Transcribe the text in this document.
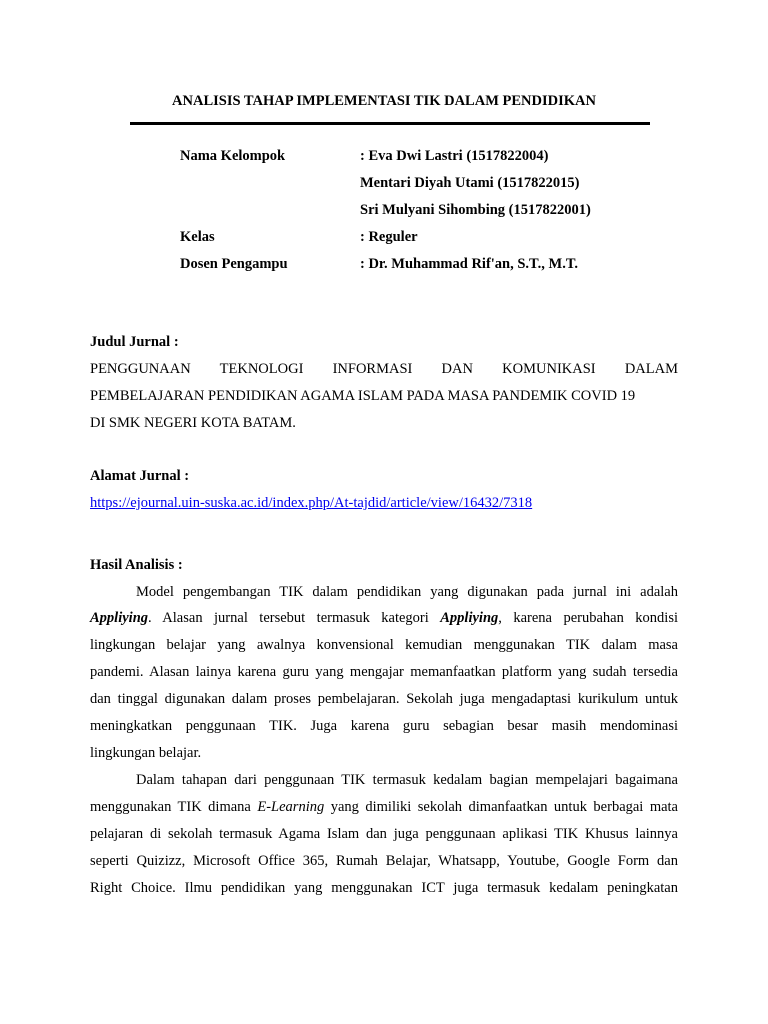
ANALISIS TAHAP IMPLEMENTASI TIK DALAM PENDIDIKAN
Nama Kelompok	: Eva Dwi Lastri (1517822004)
Mentari Diyah Utami (1517822015)
Sri Mulyani Sihombing (1517822001)
Kelas	: Reguler
Dosen Pengampu	: Dr. Muhammad Rif'an, S.T., M.T.
Judul Jurnal :
PENGGUNAAN TEKNOLOGI INFORMASI DAN KOMUNIKASI DALAM
PEMBELAJARAN PENDIDIKAN AGAMA ISLAM PADA MASA PANDEMIK COVID 19
DI SMK NEGERI KOTA BATAM.
Alamat Jurnal :
https://ejournal.uin-suska.ac.id/index.php/At-tajdid/article/view/16432/7318
Hasil Analisis :
Model pengembangan TIK dalam pendidikan yang digunakan pada jurnal ini adalah
Appliying. Alasan jurnal tersebut termasuk kategori Appliying, karena perubahan kondisi
lingkungan belajar yang awalnya konvensional kemudian menggunakan TIK dalam masa
pandemi. Alasan lainya karena guru yang mengajar memanfaatkan platform yang sudah tersedia
dan tinggal digunakan dalam proses pembelajaran. Sekolah juga mengadaptasi kurikulum untuk
meningkatkan penggunaan TIK. Juga karena guru sebagian besar masih mendominasi
lingkungan belajar.
Dalam tahapan dari penggunaan TIK termasuk kedalam bagian mempelajari bagaimana
menggunakan TIK dimana E-Learning yang dimiliki sekolah dimanfaatkan untuk berbagai mata
pelajaran di sekolah termasuk Agama Islam dan juga penggunaan aplikasi TIK Khusus lainnya
seperti Quizizz, Microsoft Office 365, Rumah Belajar, Whatsapp, Youtube, Google Form dan
Right Choice. Ilmu pendidikan yang menggunakan ICT juga termasuk kedalam peningkatan
